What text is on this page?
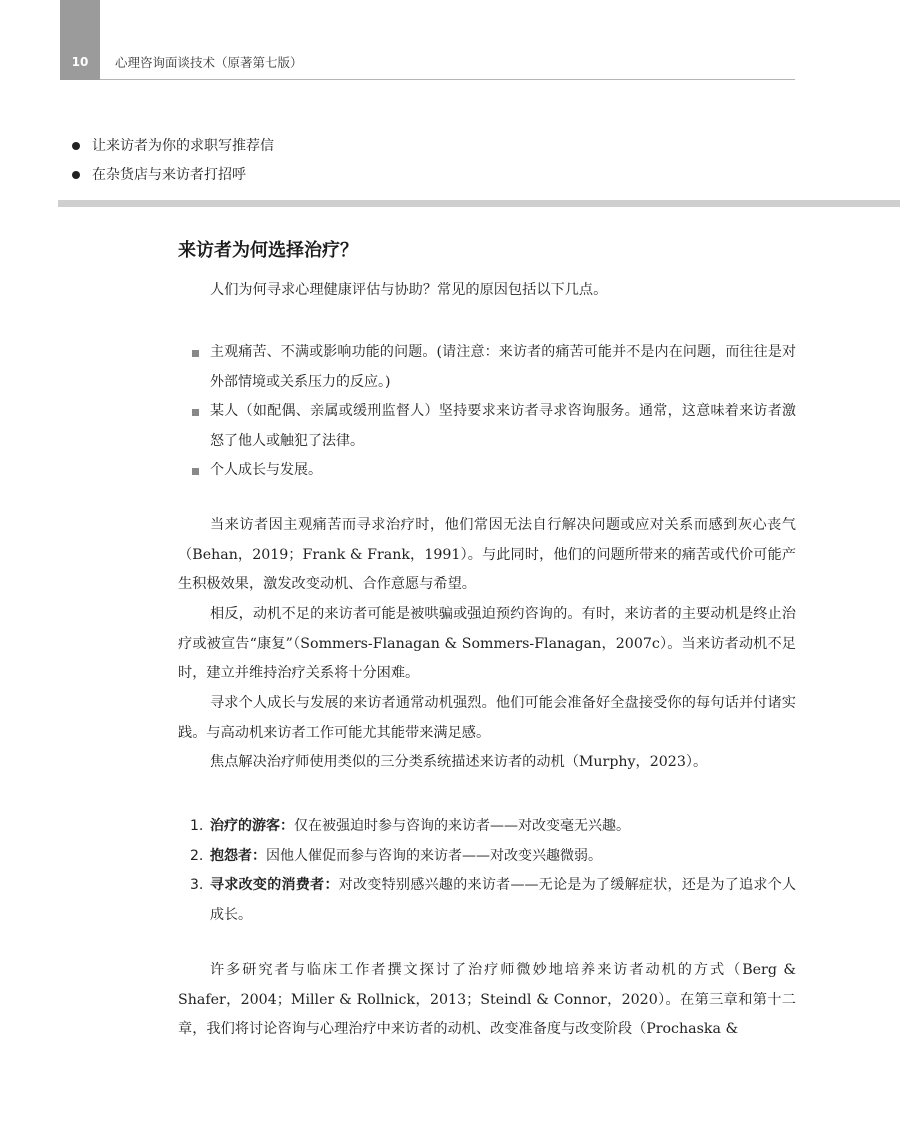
10	心理咨询面谈技术（原著第七版）
让来访者为你的求职写推荐信
在杂货店与来访者打招呼
来访者为何选择治疗？

人们为何寻求心理健康评估与协助？常见的原因包括以下几点。

主观痛苦、不满或影响功能的问题。(请注意：来访者的痛苦可能并不是内在问题，而往往是对外部情境或关系压力的反应。)
某人（如配偶、亲属或缓刑监督人）坚持要求来访者寻求咨询服务。通常，这意味着来访者激怒了他人或触犯了法律。
个人成长与发展。

当来访者因主观痛苦而寻求治疗时，他们常因无法自行解决问题或应对关系而感到灰心丧气（Behan，2019；Frank & Frank，1991）。与此同时，他们的问题所带来的痛苦或代价可能产生积极效果，激发改变动机、合作意愿与希望。

相反，动机不足的来访者可能是被哄骗或强迫预约咨询的。有时，来访者的主要动机是终止治疗或被宣告“康复”（Sommers-Flanagan & Sommers-Flanagan，2007c）。当来访者动机不足时，建立并维持治疗关系将十分困难。

寻求个人成长与发展的来访者通常动机强烈。他们可能会准备好全盘接受你的每句话并付诸实践。与高动机来访者工作可能尤其能带来满足感。

焦点解决治疗师使用类似的三分类系统描述来访者的动机（Murphy，2023）。

1. 治疗的游客：仅在被强迫时参与咨询的来访者——对改变毫无兴趣。
2. 抱怨者：因他人催促而参与咨询的来访者——对改变兴趣微弱。
3. 寻求改变的消费者：对改变特别感兴趣的来访者——无论是为了缓解症状，还是为了追求个人成长。

许多研究者与临床工作者撰文探讨了治疗师微妙地培养来访者动机的方式（Berg & Shafer，2004；Miller & Rollnick，2013；Steindl & Connor，2020）。在第三章和第十二章，我们将讨论咨询与心理治疗中来访者的动机、改变准备度与改变阶段（Prochaska &
